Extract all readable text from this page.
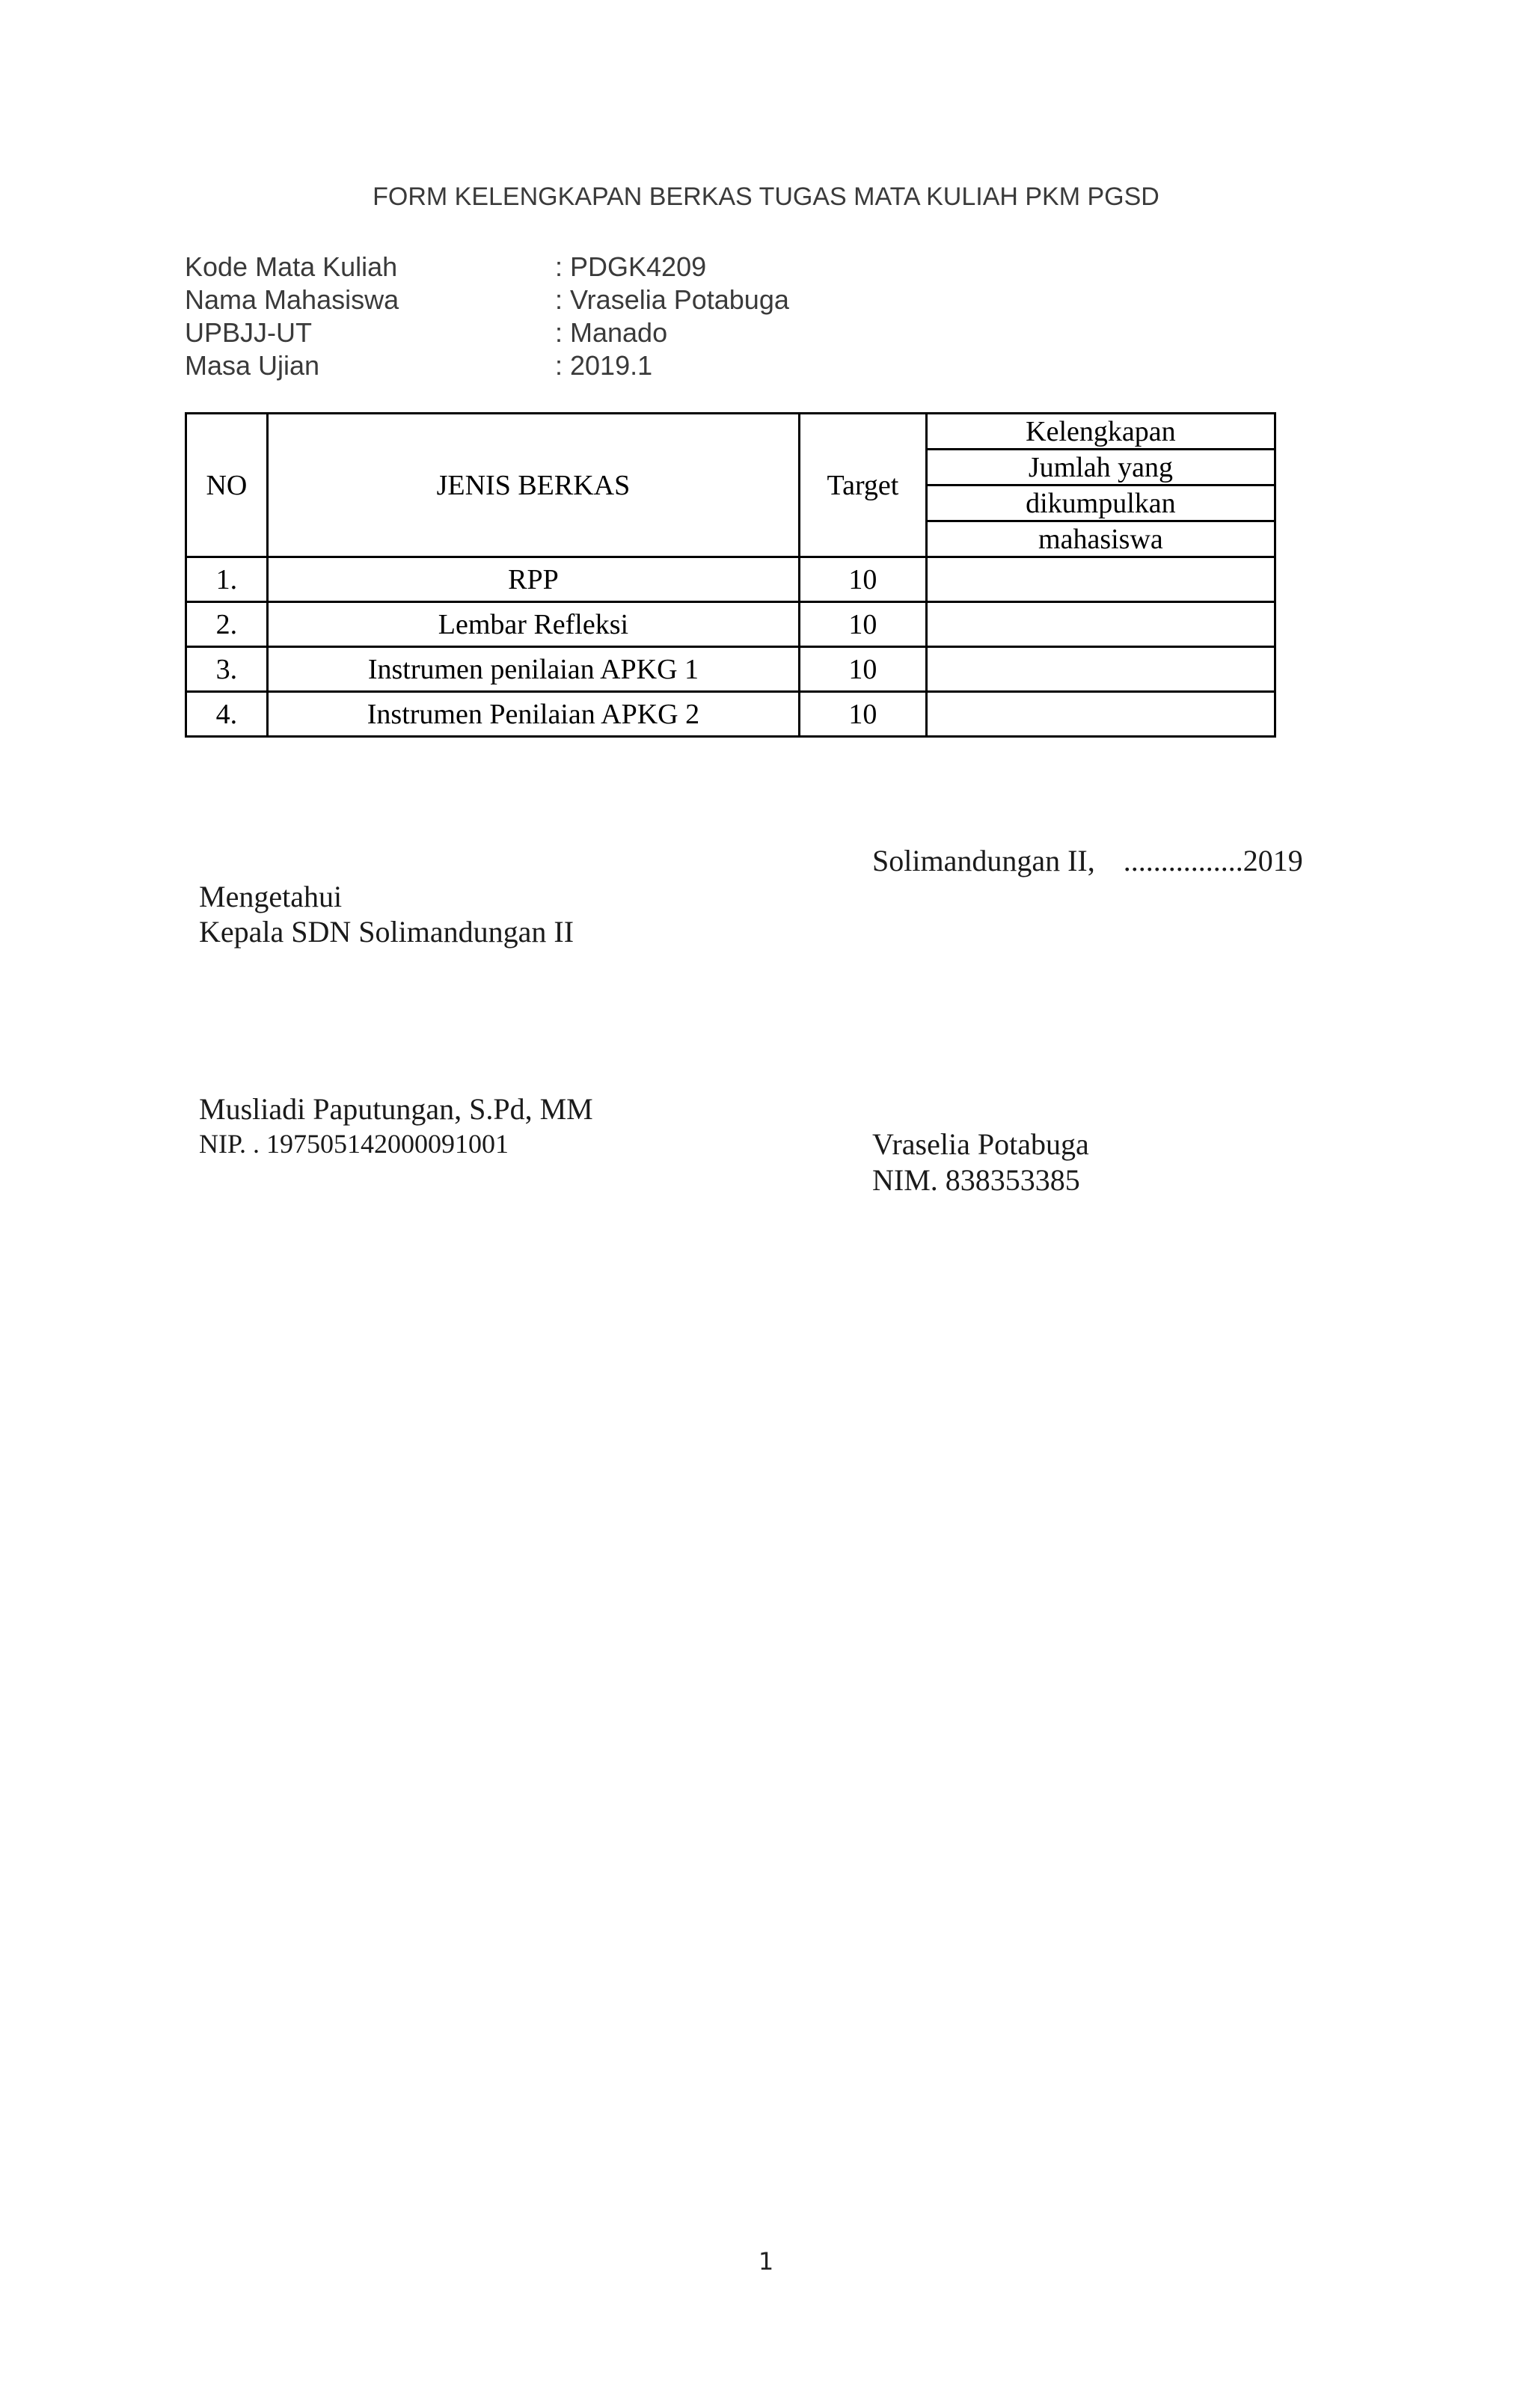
FORM KELENGKAPAN BERKAS TUGAS MATA KULIAH PKM PGSD
Kode Mata Kuliah	: PDGK4209
Nama Mahasiswa	: Vraselia Potabuga
UPBJJ-UT	: Manado
Masa Ujian	: 2019.1
NO	JENIS BERKAS	Target	Kelengkapan
			Jumlah yang
			dikumpulkan
			mahasiswa
1.	RPP	10	
2.	Lembar Refleksi	10	
3.	Instrumen penilaian APKG 1	10	
4.	Instrumen Penilaian APKG 2	10	
Solimandungan II, ................2019
Mengetahui
Kepala SDN Solimandungan II
Musliadi Paputungan, S.Pd, MM
NIP. . 197505142000091001	Vraselia Potabuga
NIM. 838353385
1
